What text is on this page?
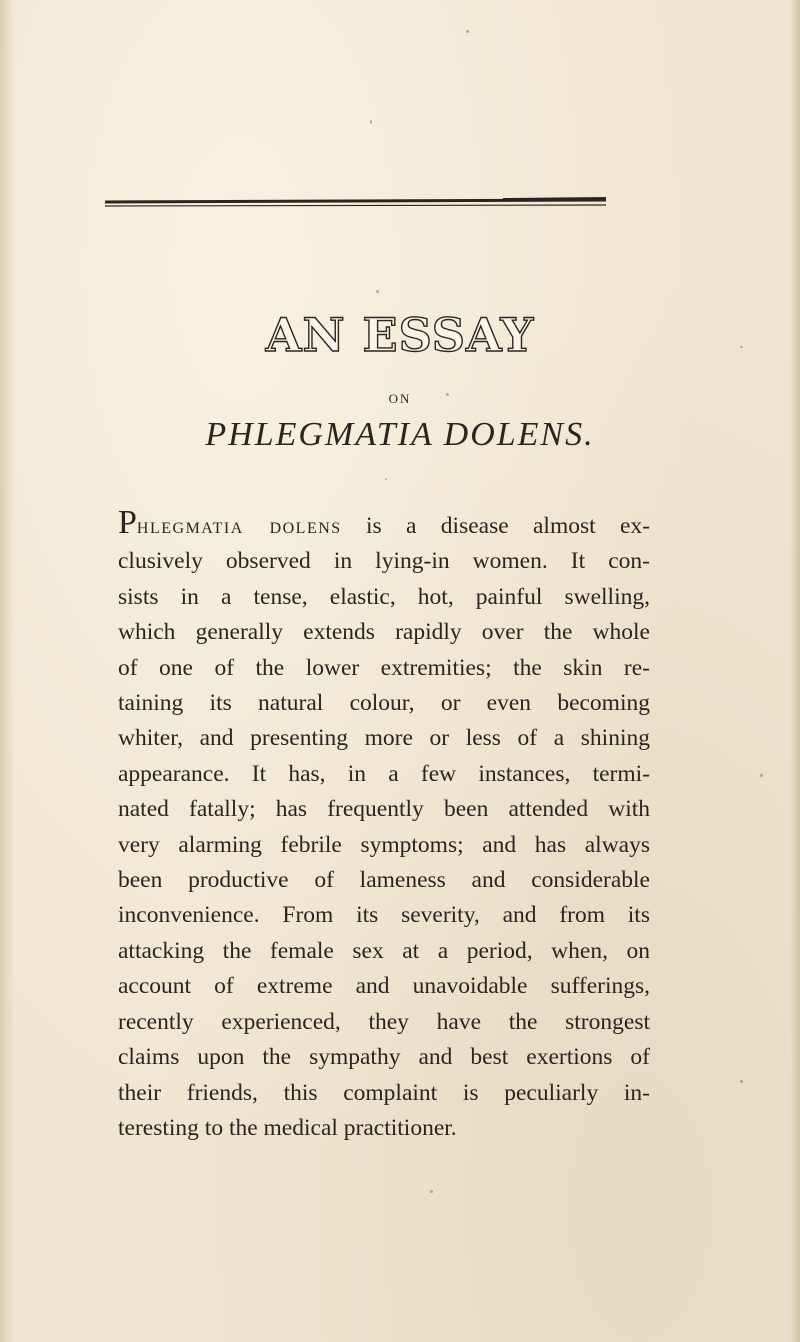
AN ESSAY
ON
PHLEGMATIA DOLENS.
Phlegmatia dolens is a disease almost ex-
clusively observed in lying-in women. It con-
sists in a tense, elastic, hot, painful swelling,
which generally extends rapidly over the whole
of one of the lower extremities; the skin re-
taining its natural colour, or even becoming
whiter, and presenting more or less of a shining
appearance. It has, in a few instances, termi-
nated fatally; has frequently been attended with
very alarming febrile symptoms; and has always
been productive of lameness and considerable
inconvenience. From its severity, and from its
attacking the female sex at a period, when, on
account of extreme and unavoidable sufferings,
recently experienced, they have the strongest
claims upon the sympathy and best exertions of
their friends, this complaint is peculiarly in-
teresting to the medical practitioner.
